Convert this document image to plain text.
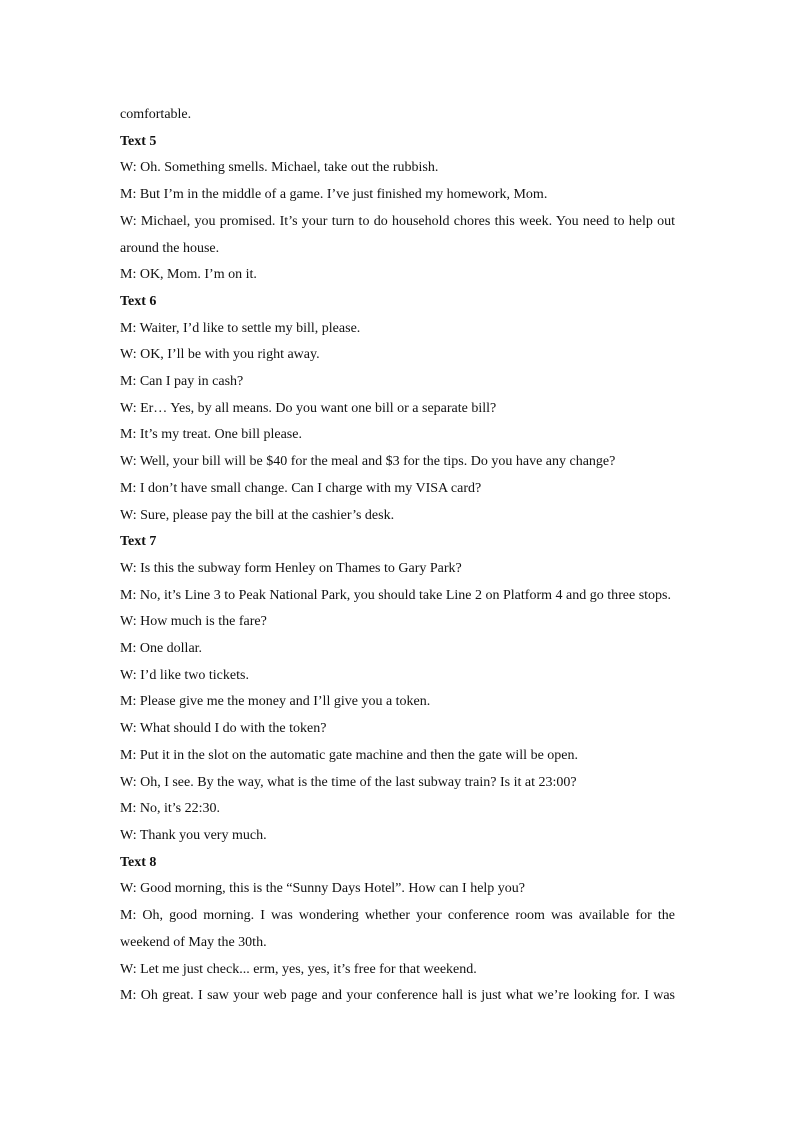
comfortable.

Text 5

W: Oh. Something smells. Michael, take out the rubbish.

M: But I’m in the middle of a game. I’ve just finished my homework, Mom.

W: Michael, you promised. It’s your turn to do household chores this week. You need to help out

around the house.

M: OK, Mom. I’m on it.

Text 6

M: Waiter, I’d like to settle my bill, please.

W: OK, I’ll be with you right away.

M: Can I pay in cash?

W: Er… Yes, by all means. Do you want one bill or a separate bill?

M: It’s my treat. One bill please.

W: Well, your bill will be $40 for the meal and $3 for the tips. Do you have any change?

M: I don’t have small change. Can I charge with my VISA card?

W: Sure, please pay the bill at the cashier’s desk.

Text 7

W: Is this the subway form Henley on Thames to Gary Park?

M: No, it’s Line 3 to Peak National Park, you should take Line 2 on Platform 4 and go three stops.

W: How much is the fare?

M: One dollar.

W: I’d like two tickets.

M: Please give me the money and I’ll give you a token.

W: What should I do with the token?

M: Put it in the slot on the automatic gate machine and then the gate will be open.

W: Oh, I see. By the way, what is the time of the last subway train? Is it at 23:00?

M: No, it’s 22:30.

W: Thank you very much.

Text 8

W: Good morning, this is the “Sunny Days Hotel”. How can I help you?

M: Oh, good morning. I was wondering whether your conference room was available for the

weekend of May the 30th.

W: Let me just check... erm, yes, yes, it’s free for that weekend.

M: Oh great. I saw your web page and your conference hall is just what we’re looking for. I was
